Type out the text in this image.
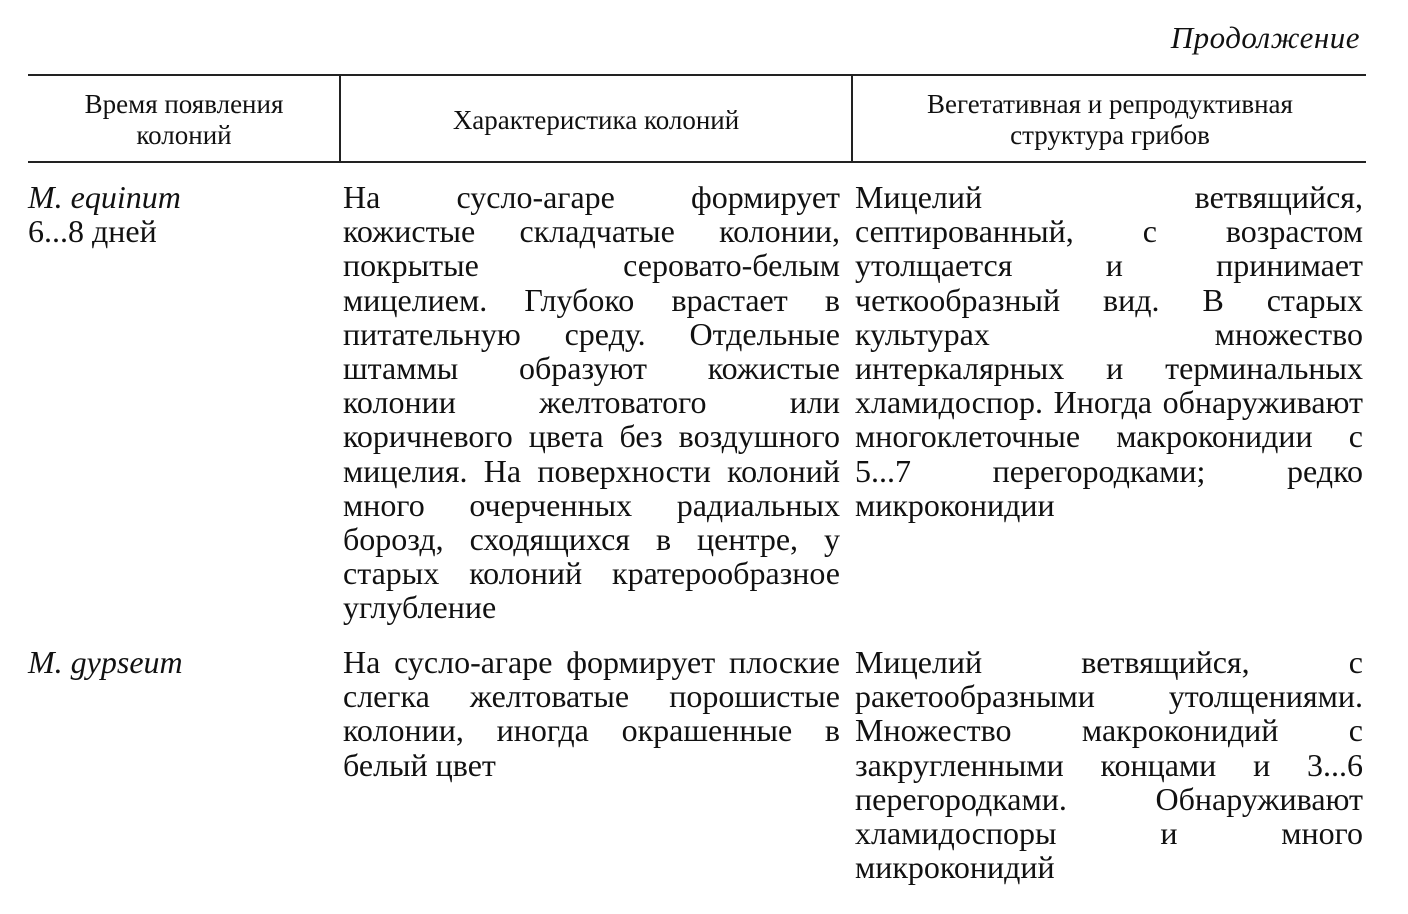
Продолжение
Время появления
колоний
Характеристика колоний
Вегетативная и репродуктивная
структура грибов
M. equinum
6...8 дней
На сусло-агаре формирует кожистые складчатые колонии, покрытые серовато-белым мицелием. Глубоко врастает в питательную среду. Отдельные штаммы образуют кожистые колонии желтоватого или коричневого цвета без воздушного мицелия. На поверхности колоний много очерченных радиальных борозд, сходящихся в центре, у старых колоний кратерообразное углубление
Мицелий ветвящийся, септированный, с возрастом утолщается и принимает четкообразный вид. В старых культурах множество интеркалярных и терминальных хламидоспор. Иногда обнаруживают многоклеточные макроконидии с 5...7 перегородками; редко микроконидии
M. gypseum	На сусло-агаре формирует плоские слегка желтоватые порошистые колонии, иногда окрашенные в белый цвет
Мицелий ветвящийся, с ракетообразными утолщениями. Множество макроконидий с закругленными концами и 3...6 перегородками. Обнаруживают хламидоспоры и много микроконидий
